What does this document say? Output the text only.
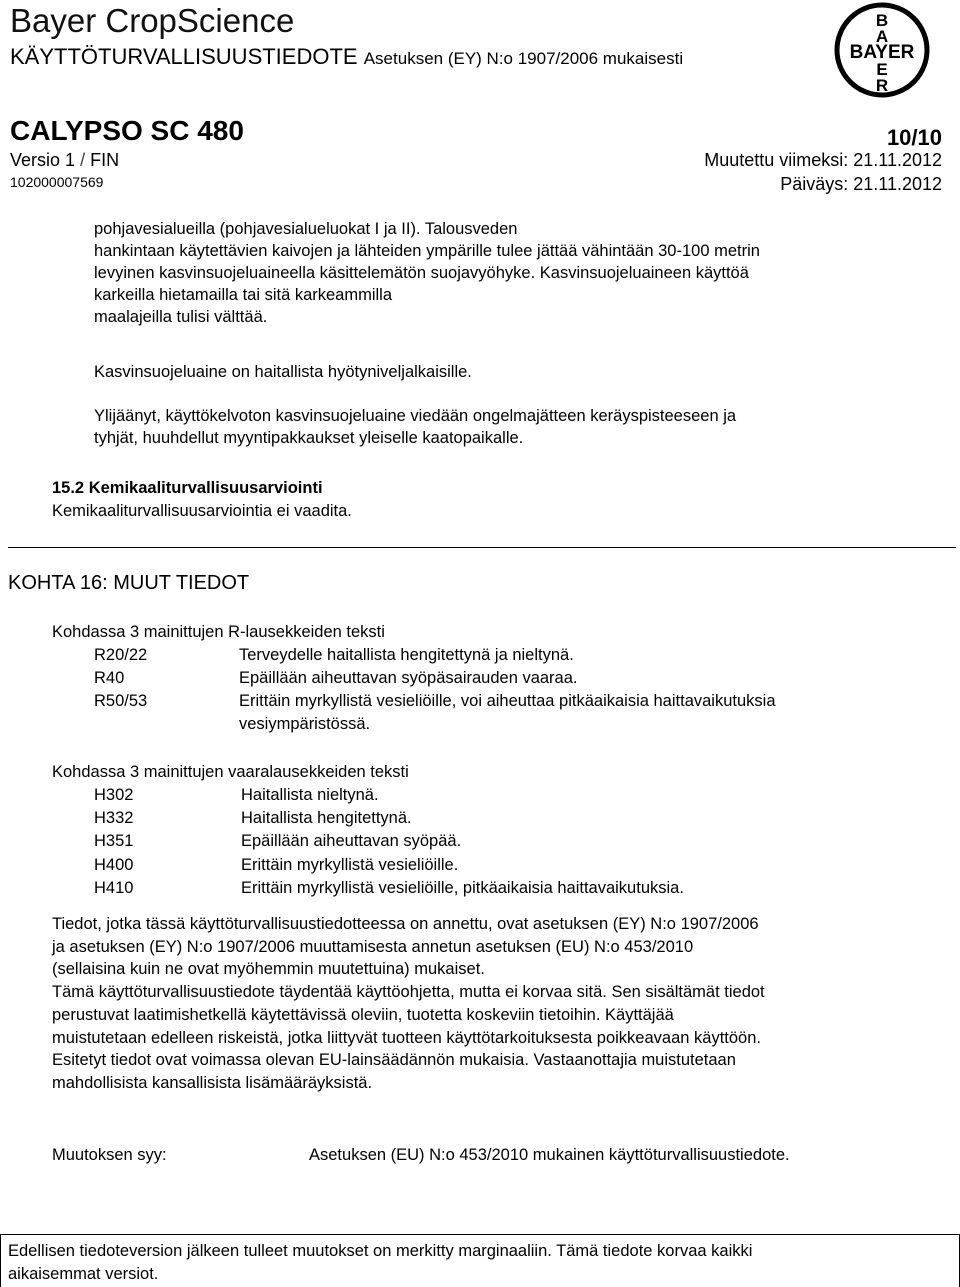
Bayer CropScience
KÄYTTÖTURVALLISUUSTIEDOTE Asetuksen (EY) N:o 1907/2006 mukaisesti
B
A
BAYER
E
R
CALYPSO SC 480	10/10
Versio 1 / FIN	Muutettu viimeksi: 21.11.2012
102000007569	Päiväys: 21.11.2012
pohjavesialueilla (pohjavesialueluokat I ja II). Talousveden
hankintaan käytettävien kaivojen ja lähteiden ympärille tulee jättää vähintään 30-100 metrin
levyinen kasvinsuojeluaineella käsittelemätön suojavyöhyke. Kasvinsuojeluaineen käyttöä
karkeilla hietamailla tai sitä karkeammilla
maalajeilla tulisi välttää.
Kasvinsuojeluaine on haitallista hyötyniveljalkaisille.
Ylijäänyt, käyttökelvoton kasvinsuojeluaine viedään ongelmajätteen keräyspisteeseen ja
tyhjät, huuhdellut myyntipakkaukset yleiselle kaatopaikalle.
15.2 Kemikaaliturvallisuusarviointi
Kemikaaliturvallisuusarviointia ei vaadita.
KOHTA 16: MUUT TIEDOT
Kohdassa 3 mainittujen R-lausekkeiden teksti
R20/22	Terveydelle haitallista hengitettynä ja nieltynä.
R40	Epäillään aiheuttavan syöpäsairauden vaaraa.
R50/53	Erittäin myrkyllistä vesieliöille, voi aiheuttaa pitkäaikaisia haittavaikutuksia
vesiympäristössä.
Kohdassa 3 mainittujen vaaralausekkeiden teksti
H302	Haitallista nieltynä.
H332	Haitallista hengitettynä.
H351	Epäillään aiheuttavan syöpää.
H400	Erittäin myrkyllistä vesieliöille.
H410	Erittäin myrkyllistä vesieliöille, pitkäaikaisia haittavaikutuksia.
Tiedot, jotka tässä käyttöturvallisuustiedotteessa on annettu, ovat asetuksen (EY) N:o 1907/2006
ja asetuksen (EY) N:o 1907/2006 muuttamisesta annetun asetuksen (EU) N:o 453/2010
(sellaisina kuin ne ovat myöhemmin muutettuina) mukaiset.
Tämä käyttöturvallisuustiedote täydentää käyttöohjetta, mutta ei korvaa sitä. Sen sisältämät tiedot
perustuvat laatimishetkellä käytettävissä oleviin, tuotetta koskeviin tietoihin. Käyttäjää
muistutetaan edelleen riskeistä, jotka liittyvät tuotteen käyttötarkoituksesta poikkeavaan käyttöön.
Esitetyt tiedot ovat voimassa olevan EU-lainsäädännön mukaisia. Vastaanottajia muistutetaan
mahdollisista kansallisista lisämääräyksistä.
Muutoksen syy:	Asetuksen (EU) N:o 453/2010 mukainen käyttöturvallisuustiedote.
Edellisen tiedoteversion jälkeen tulleet muutokset on merkitty marginaaliin. Tämä tiedote korvaa kaikki
aikaisemmat versiot.
